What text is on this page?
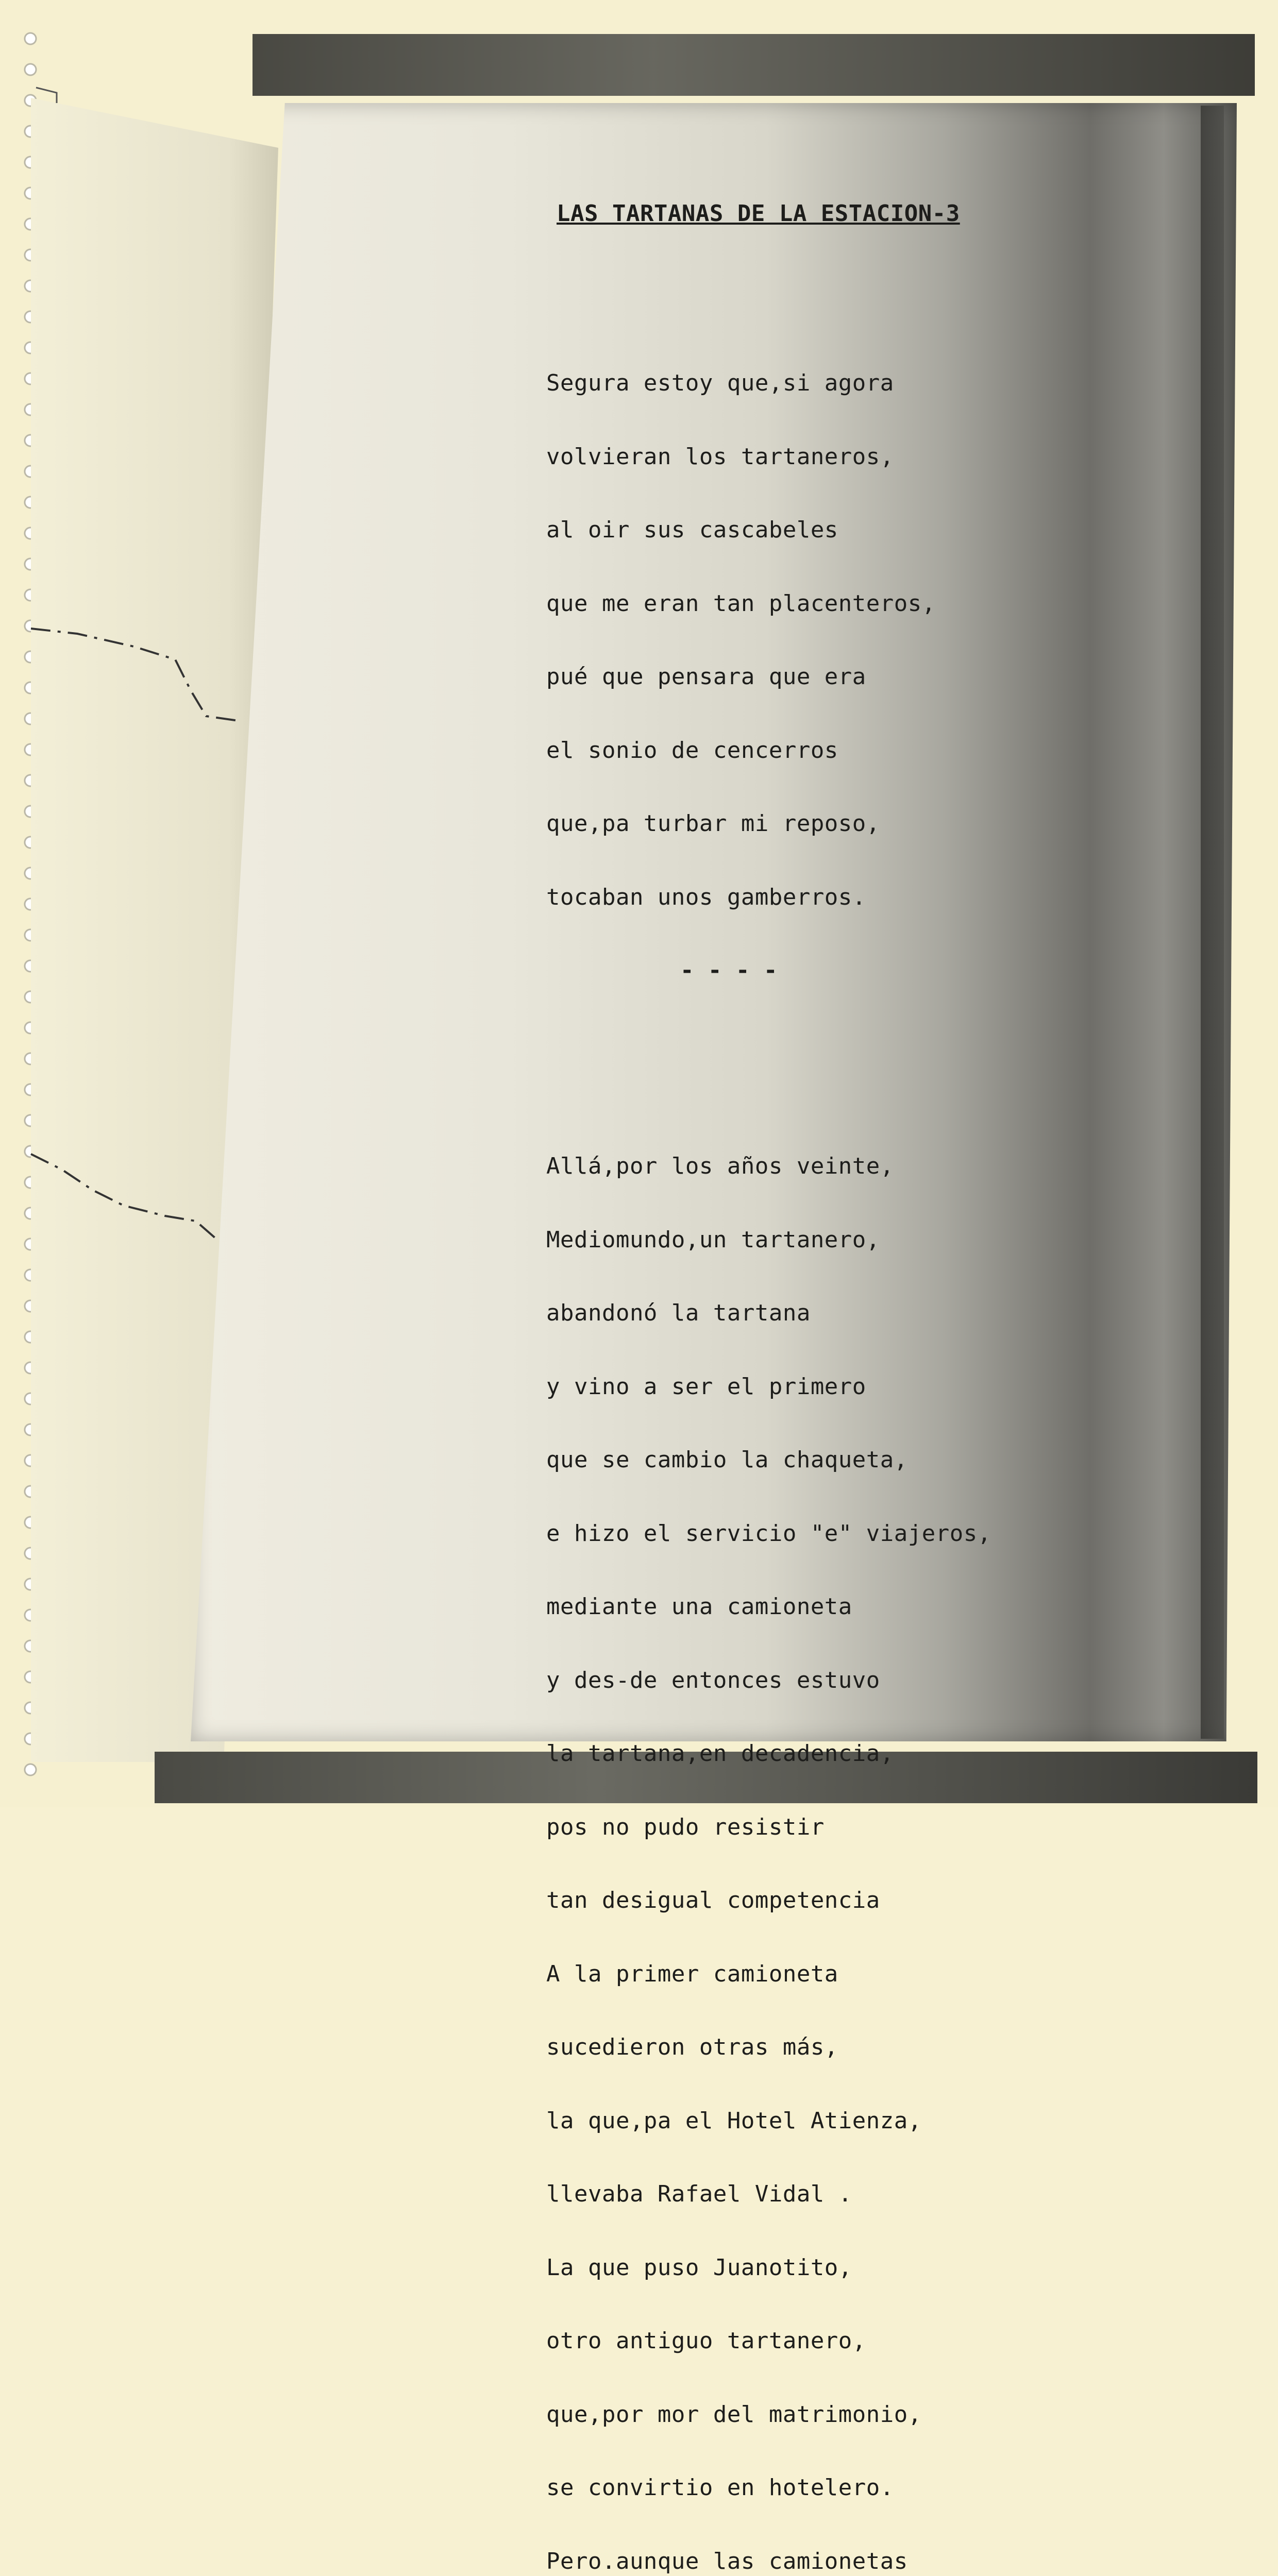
LAS TARTANAS DE LA ESTACION-3

Segura estoy que,si agora

volvieran los tartaneros,

al oir sus cascabeles

que me eran tan placenteros,

pué que pensara que era

el sonio de cencerros

que,pa turbar mi reposo,

tocaban unos gamberros.

- - - -

Allá,por los años veinte,

Mediomundo,un tartanero,

abandonó la tartana

y vino a ser el primero

que se cambio la chaqueta,

e hizo el servicio "e" viajeros,

mediante una camioneta

y des-de entonces estuvo

la tartana,en decadencia,

pos no pudo resistir

tan desigual competencia

A la primer camioneta

sucedieron otras más,

la que,pa el Hotel Atienza,

llevaba Rafael Vidal .

La que puso Juanotito,

otro antiguo tartanero,

que,por mor del matrimonio,

se convirtio en hotelero.

Pero.aunque las camionetas
